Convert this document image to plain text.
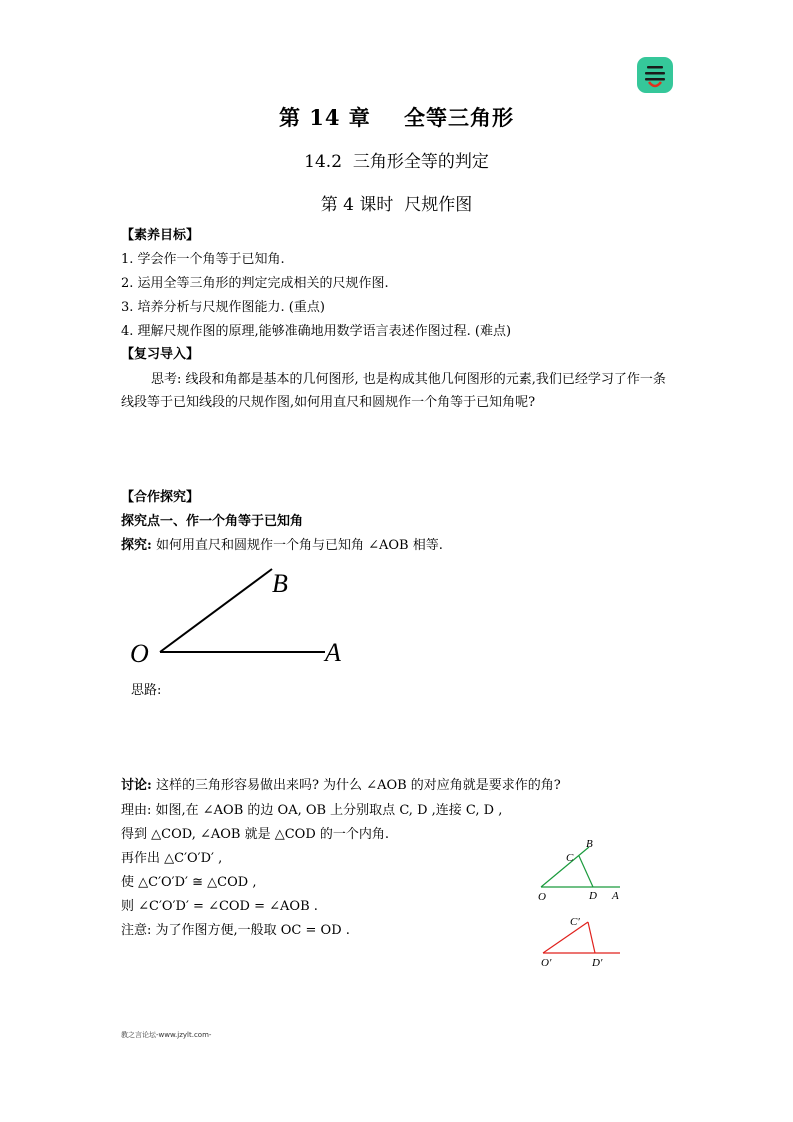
第 14 章    全等三角形
14.2  三角形全等的判定
第 4 课时  尺规作图
【素养目标】
1. 学会作一个角等于已知角.
2. 运用全等三角形的判定完成相关的尺规作图.
3. 培养分析与尺规作图能力. (重点)
4. 理解尺规作图的原理,能够准确地用数学语言表述作图过程. (难点)
【复习导入】
思考: 线段和角都是基本的几何图形, 也是构成其他几何图形的元素,我们已经学习了作一条线段等于已知线段的尺规作图,如何用直尺和圆规作一个角等于已知角呢?
【合作探究】
探究点一、作一个角等于已知角
探究: 如何用直尺和圆规作一个角与已知角 ∠AOB 相等.
O	A
B
思路:
讨论: 这样的三角形容易做出来吗? 为什么 ∠AOB 的对应角就是要求作的角?
理由: 如图,在 ∠AOB 的边 OA, OB 上分别取点 C, D ,连接 C, D ,
得到 △COD, ∠AOB 就是 △COD 的一个内角.
再作出 △C′O′D′ ,
使 △C′O′D′ ≅ △COD ,
则 ∠C′O′D′ = ∠COD = ∠AOB .
注意: 为了作图方便,一般取 OC = OD .
B
C
O	D A
C′
O′	D′
教之言论坛-www.jzylt.com-
